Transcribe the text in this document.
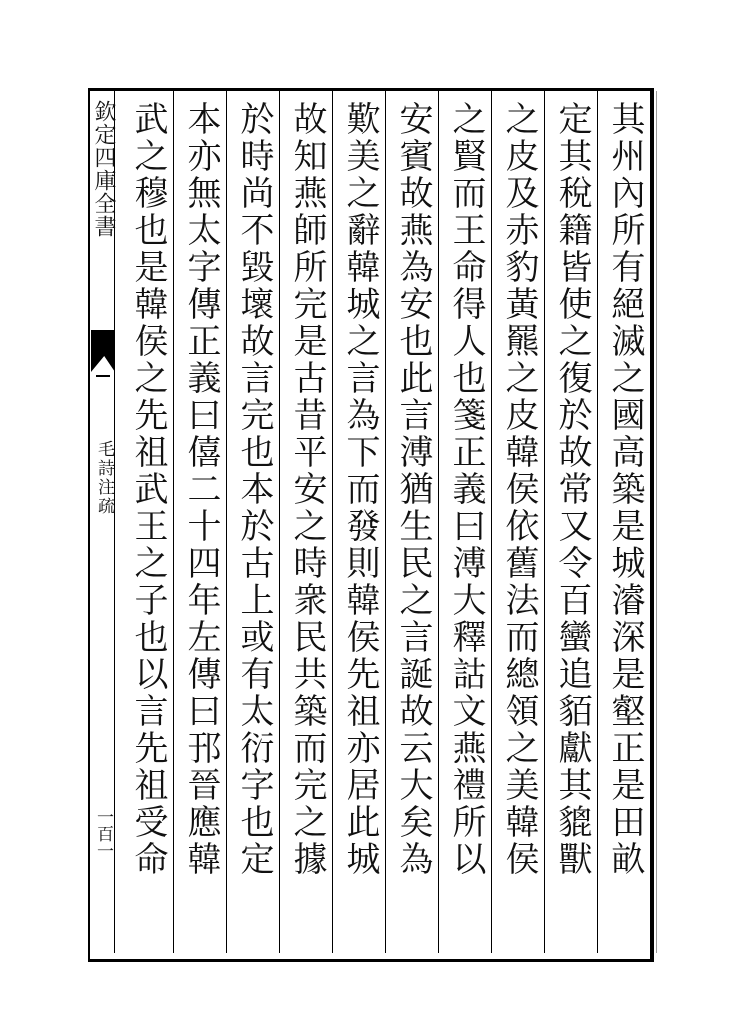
欽定四庫全書
毛詩注疏
一百一	其州內所有絕滅之國高築是城濬深是壑正是田畝
定其稅籍皆使之復於故常又令百蠻追貊獻其貔獸
之皮及赤豹黃羆之皮韓侯依舊法而總領之美韓侯
之賢而王命得人也箋正義曰溥大釋詁文燕禮所以
安賓故燕為安也此言溥猶生民之言誕故云大矣為
歎美之辭韓城之言為下而發則韓侯先祖亦居此城
故知燕師所完是古昔平安之時衆民共築而完之據
於時尚不毀壞故言完也本於古上或有太衍字也定
本亦無太字傳正義曰僖二十四年左傳曰邘晉應韓
武之穆也是韓侯之先祖武王之子也以言先祖受命
